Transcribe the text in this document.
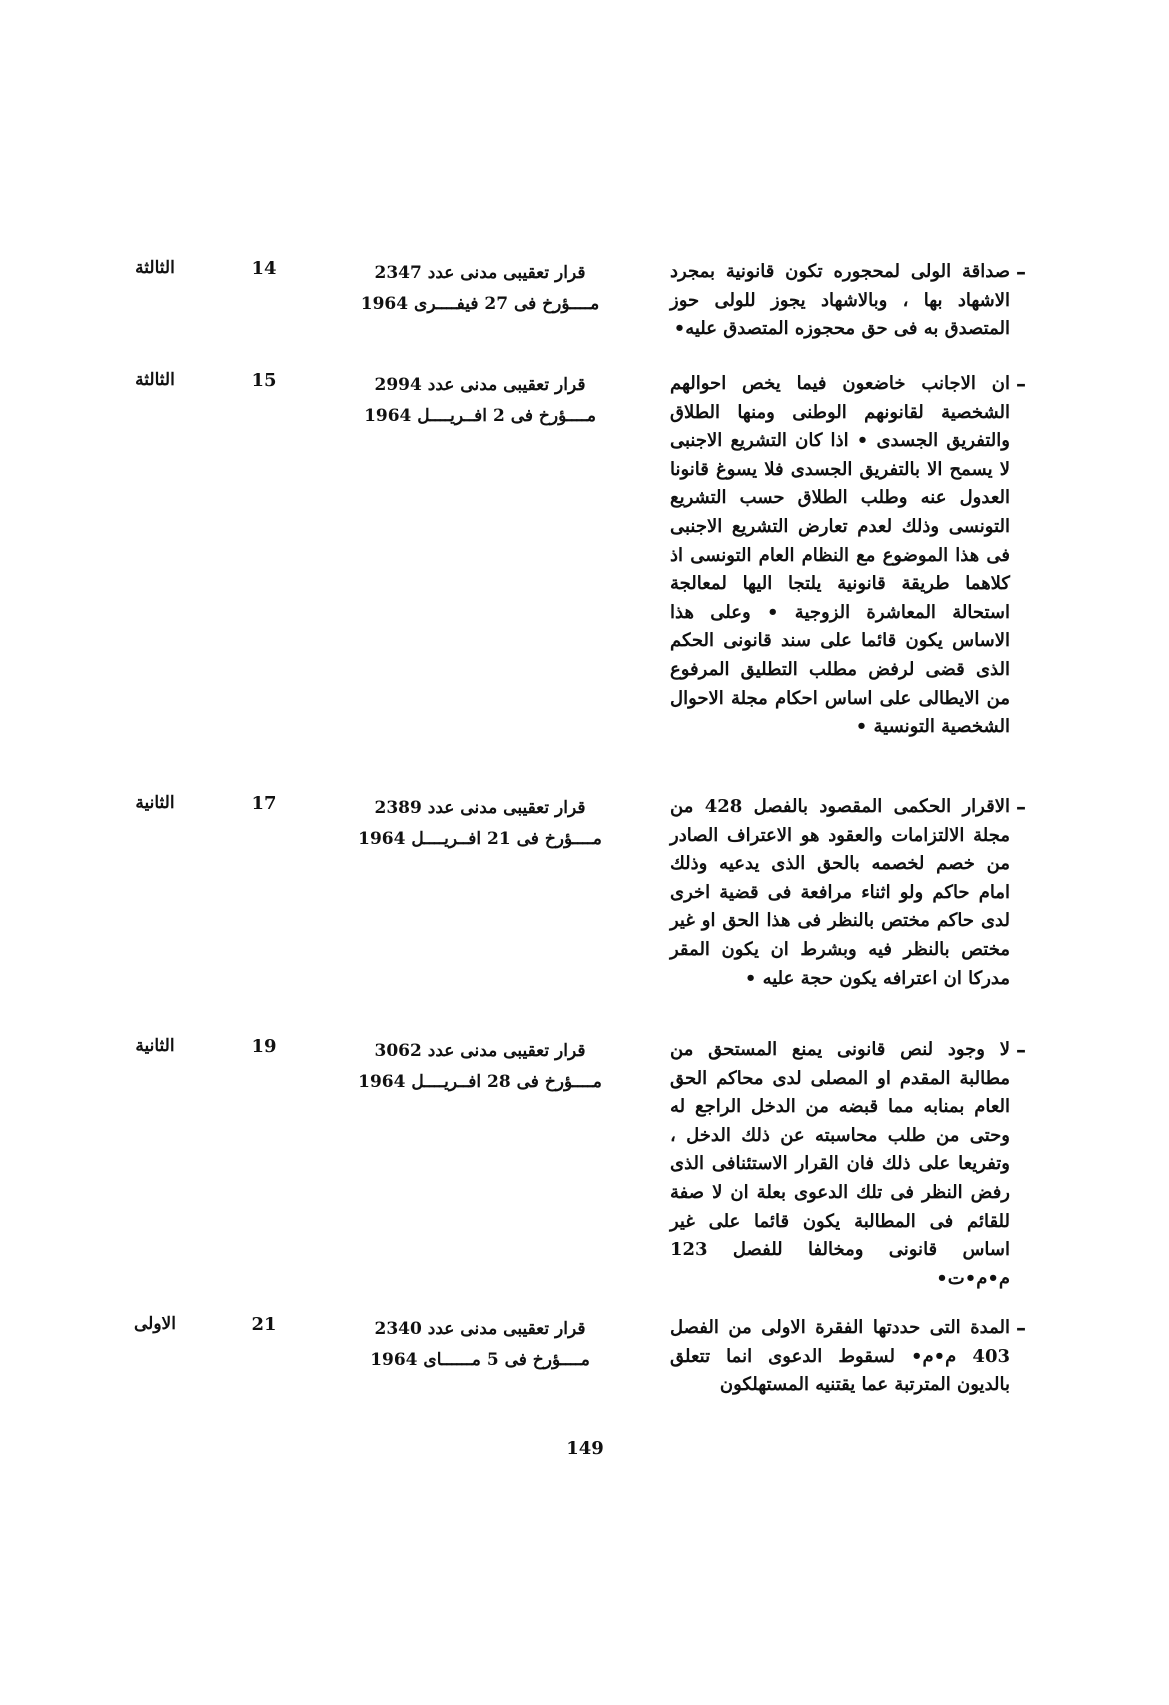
–
صداقة الولى لمحجوره تكون قانونية بمجرد الاشهاد بها ، وبالاشهاد يجوز للولى حوز المتصدق به فى حق محجوزه المتصدق عليه•
قرار تعقيبى مدنى عدد 2347
مــــؤرخ فى 27 فيفــــرى 1964
14
الثالثة
–
ان الاجانب خاضعون فيما يخص احوالهم الشخصية لقانونهم الوطنى ومنها الطلاق والتفريق الجسدى • اذا كان التشريع الاجنبى لا يسمح الا بالتفريق الجسدى فلا يسوغ قانونا العدول عنه وطلب الطلاق حسب التشريع التونسى وذلك لعدم تعارض التشريع الاجنبى فى هذا الموضوع مع النظام العام التونسى اذ كلاهما طريقة قانونية يلتجا اليها لمعالجة استحالة المعاشرة الزوجية • وعلى هذا الاساس يكون قائما على سند قانونى الحكم الذى قضى لرفض مطلب التطليق المرفوع من الايطالى على اساس احكام مجلة الاحوال الشخصية التونسية •
قرار تعقيبى مدنى عدد 2994
مــــؤرخ فى 2 افــريــــل 1964
15
الثالثة
–
الاقرار الحكمى المقصود بالفصل 428 من مجلة الالتزامات والعقود هو الاعتراف الصادر من خصم لخصمه بالحق الذى يدعيه وذلك امام حاكم ولو اثناء مرافعة فى قضية اخرى لدى حاكم مختص بالنظر فى هذا الحق او غير مختص بالنظر فيه وبشرط ان يكون المقر مدركا ان اعترافه يكون حجة عليه •
قرار تعقيبى مدنى عدد 2389
مــــؤرخ فى 21 افــريــــل 1964
17
الثانية
–
لا وجود لنص قانونى يمنع المستحق من مطالبة المقدم او المصلى لدى محاكم الحق العام بمنابه مما قبضه من الدخل الراجع له وحتى من طلب محاسبته عن ذلك الدخل ، وتفريعا على ذلك فان القرار الاستئنافى الذى رفض النظر فى تلك الدعوى بعلة ان لا صفة للقائم فى المطالبة يكون قائما على غير اساس قانونى ومخالفا للفصل 123 م•م•ت•
قرار تعقيبى مدنى عدد 3062
مــــؤرخ فى 28 افــريــــل 1964
19
الثانية
–
المدة التى حددتها الفقرة الاولى من الفصل 403 م•م• لسقوط الدعوى انما تتعلق بالديون المترتبة عما يقتنيه المستهلكون
قرار تعقيبى مدنى عدد 2340
مــــؤرخ فى 5 مــــــاى 1964
21
الاولى
149
